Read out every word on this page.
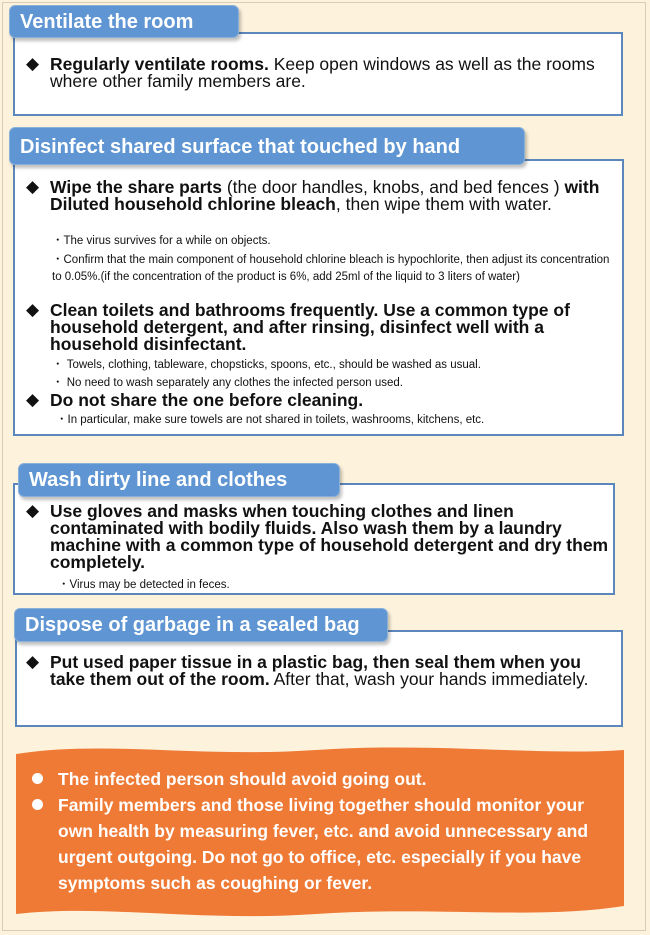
Ventilate the room
◆ Regularly ventilate rooms. Keep open windows as well as the rooms where other family members are.
Disinfect shared surface that touched by hand
◆ Wipe the share parts (the door handles, knobs, and bed fences ) with Diluted household chlorine bleach, then wipe them with water.
・The virus survives for a while on objects.
・Confirm that the main component of household chlorine bleach is hypochlorite, then adjust its concentration to 0.05%.(if the concentration of the product is 6%, add 25ml of the liquid to 3 liters of water)
◆ Clean toilets and bathrooms frequently. Use a common type of household detergent, and after rinsing, disinfect well with a household disinfectant.
・ Towels, clothing, tableware, chopsticks, spoons, etc., should be washed as usual.
・ No need to wash separately any clothes the infected person used.
◆ Do not share the one before cleaning.
・In particular, make sure towels are not shared in toilets, washrooms, kitchens, etc.
Wash dirty line and clothes
◆ Use gloves and masks when touching clothes and linen contaminated with bodily fluids. Also wash them by a laundry machine with a common type of household detergent and dry them completely.
・Virus may be detected in feces.
Dispose of garbage in a sealed bag
◆ Put used paper tissue in a plastic bag, then seal them when you take them out of the room. After that, wash your hands immediately.
The infected person should avoid going out.
Family members and those living together should monitor your own health by measuring fever, etc. and avoid unnecessary and urgent outgoing. Do not go to office, etc. especially if you have symptoms such as coughing or fever.
